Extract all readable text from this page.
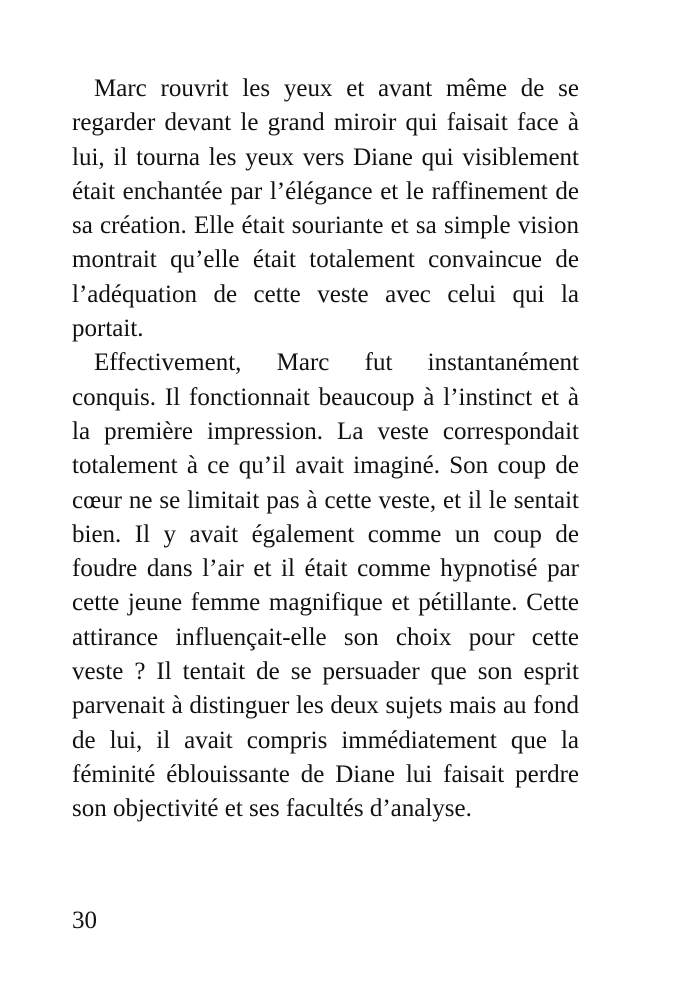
Marc rouvrit les yeux et avant même de se regarder devant le grand miroir qui faisait face à lui, il tourna les yeux vers Diane qui visiblement était enchantée par l’élégance et le raffinement de sa création. Elle était souriante et sa simple vision montrait qu’elle était totalement convaincue de l’adéquation de cette veste avec celui qui la portait.

Effectivement, Marc fut instantanément conquis. Il fonctionnait beaucoup à l’instinct et à la première impression. La veste correspondait totalement à ce qu’il avait imaginé. Son coup de cœur ne se limitait pas à cette veste, et il le sentait bien. Il y avait également comme un coup de foudre dans l’air et il était comme hypnotisé par cette jeune femme magnifique et pétillante. Cette attirance influençait-elle son choix pour cette veste ? Il tentait de se persuader que son esprit parvenait à distinguer les deux sujets mais au fond de lui, il avait compris immédiatement que la féminité éblouissante de Diane lui faisait perdre son objectivité et ses facultés d’analyse.

30
